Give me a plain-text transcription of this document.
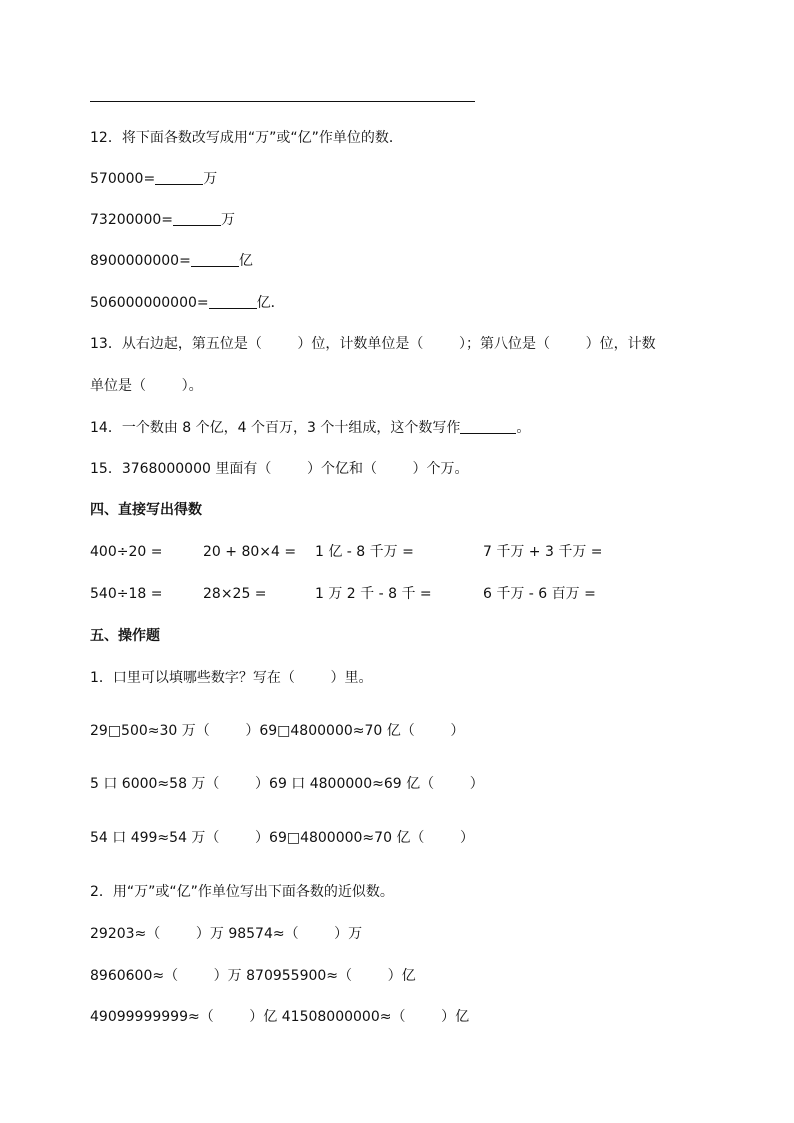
12．将下面各数改写成用“万”或“亿”作单位的数．
570000=	万
73200000=	万
8900000000=	亿
506000000000=	亿．
13．从右边起，第五位是（        ）位，计数单位是（        ）；第八位是（        ）位，计数
单位是（        ）。
14．一个数由 8 个亿，4 个百万，3 个十组成，这个数写作	。
15．3768000000 里面有（        ）个亿和（        ）个万。
四、直接写出得数
400÷20 =	20 + 80×4 = 1 亿 - 8 千万 =	7 千万 + 3 千万 =
540÷18 =	28×25 =	1 万 2 千 - 8 千 =	6 千万 - 6 百万 =
五、操作题
1．口里可以填哪些数字？写在（        ）里。
29□500≈30 万（        ）69□4800000≈70 亿（        ）
5 口 6000≈58 万（        ）69 口 4800000≈69 亿（        ）
54 口 499≈54 万（        ）69□4800000≈70 亿（        ）
2．用“万”或“亿”作单位写出下面各数的近似数。
29203≈（        ）万 98574≈（        ）万
8960600≈（        ）万 870955900≈（        ）亿
49099999999≈（        ）亿 41508000000≈（        ）亿
